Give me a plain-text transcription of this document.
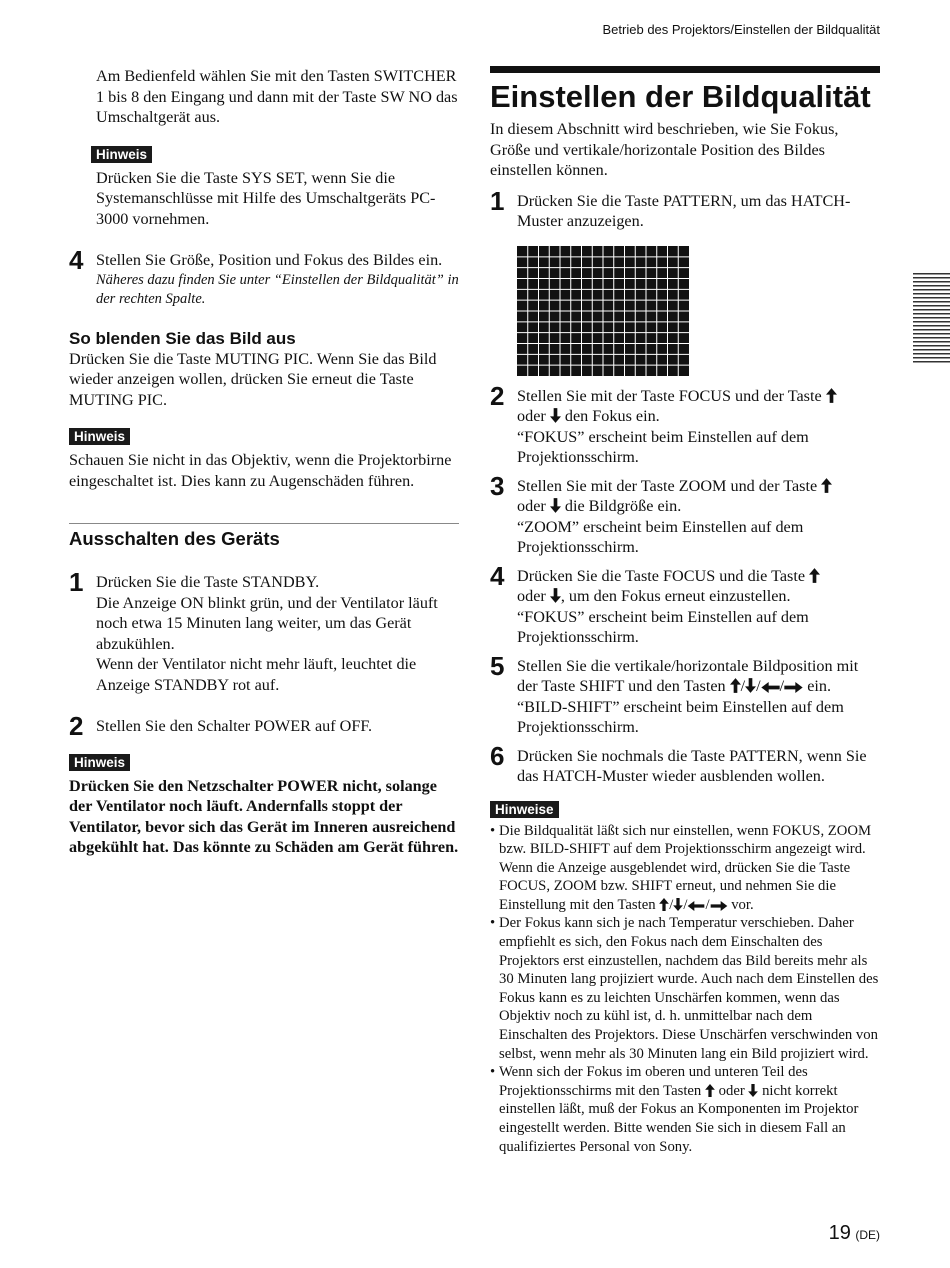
Betrieb des Projektors/Einstellen der Bildqualität

Am Bedienfeld wählen Sie mit den Tasten SWITCHER 1 bis 8 den Eingang und dann mit der Taste SW NO das Umschaltgerät aus.

Hinweis

Drücken Sie die Taste SYS SET, wenn Sie die Systemanschlüsse mit Hilfe des Umschaltgeräts PC-3000 vornehmen.

4 Stellen Sie Größe, Position und Fokus des Bildes ein.

Näheres dazu finden Sie unter “Einstellen der Bildqualität” in der rechten Spalte.

So blenden Sie das Bild aus

Drücken Sie die Taste MUTING PIC. Wenn Sie das Bild wieder anzeigen wollen, drücken Sie erneut die Taste MUTING PIC.

Hinweis

Schauen Sie nicht in das Objektiv, wenn die Projektorbirne eingeschaltet ist. Dies kann zu Augenschäden führen.

Ausschalten des Geräts

1 Drücken Sie die Taste STANDBY.

Die Anzeige ON blinkt grün, und der Ventilator läuft noch etwa 15 Minuten lang weiter, um das Gerät abzukühlen.

Wenn der Ventilator nicht mehr läuft, leuchtet die Anzeige STANDBY rot auf.

2 Stellen Sie den Schalter POWER auf OFF.

Hinweis

Drücken Sie den Netzschalter POWER nicht, solange der Ventilator noch läuft. Andernfalls stoppt der Ventilator, bevor sich das Gerät im Inneren ausreichend abgekühlt hat. Das könnte zu Schäden am Gerät führen.

Einstellen der Bildqualität

In diesem Abschnitt wird beschrieben, wie Sie Fokus, Größe und vertikale/horizontale Position des Bildes einstellen können.

1 Drücken Sie die Taste PATTERN, um das HATCH-Muster anzuzeigen.

2 Stellen Sie mit der Taste FOCUS und der Taste
oder den Fokus ein.

“FOKUS” erscheint beim Einstellen auf dem Projektionsschirm.

3 Stellen Sie mit der Taste ZOOM und der Taste
oder die Bildgröße ein.

“ZOOM” erscheint beim Einstellen auf dem Projektionsschirm.

4 Drücken Sie die Taste FOCUS und die Taste
oder , um den Fokus erneut einzustellen.

“FOKUS” erscheint beim Einstellen auf dem Projektionsschirm.

5 Stellen Sie die vertikale/horizontale Bildposition mit der Taste SHIFT und den Tasten / / / ein.

“BILD-SHIFT” erscheint beim Einstellen auf dem Projektionsschirm.

6 Drücken Sie nochmals die Taste PATTERN, wenn Sie das HATCH-Muster wieder ausblenden wollen.

Hinweise
• Die Bildqualität läßt sich nur einstellen, wenn FOKUS, ZOOM bzw. BILD-SHIFT auf dem Projektionsschirm angezeigt wird. Wenn die Anzeige ausgeblendet wird, drücken Sie die Taste FOCUS, ZOOM bzw. SHIFT erneut, und nehmen Sie die Einstellung mit den Tasten / / / vor.
• Der Fokus kann sich je nach Temperatur verschieben. Daher empfiehlt es sich, den Fokus nach dem Einschalten des Projektors erst einzustellen, nachdem das Bild bereits mehr als 30 Minuten lang projiziert wurde. Auch nach dem Einstellen des Fokus kann es zu leichten Unschärfen kommen, wenn das Objektiv noch zu kühl ist, d. h. unmittelbar nach dem Einschalten des Projektors. Diese Unschärfen verschwinden von selbst, wenn mehr als 30 Minuten lang ein Bild projiziert wird.
• Wenn sich der Fokus im oberen und unteren Teil des Projektionsschirms mit den Tasten oder nicht korrekt einstellen läßt, muß der Fokus an Komponenten im Projektor eingestellt werden. Bitte wenden Sie sich in diesem Fall an qualifiziertes Personal von Sony.
19 (DE)
